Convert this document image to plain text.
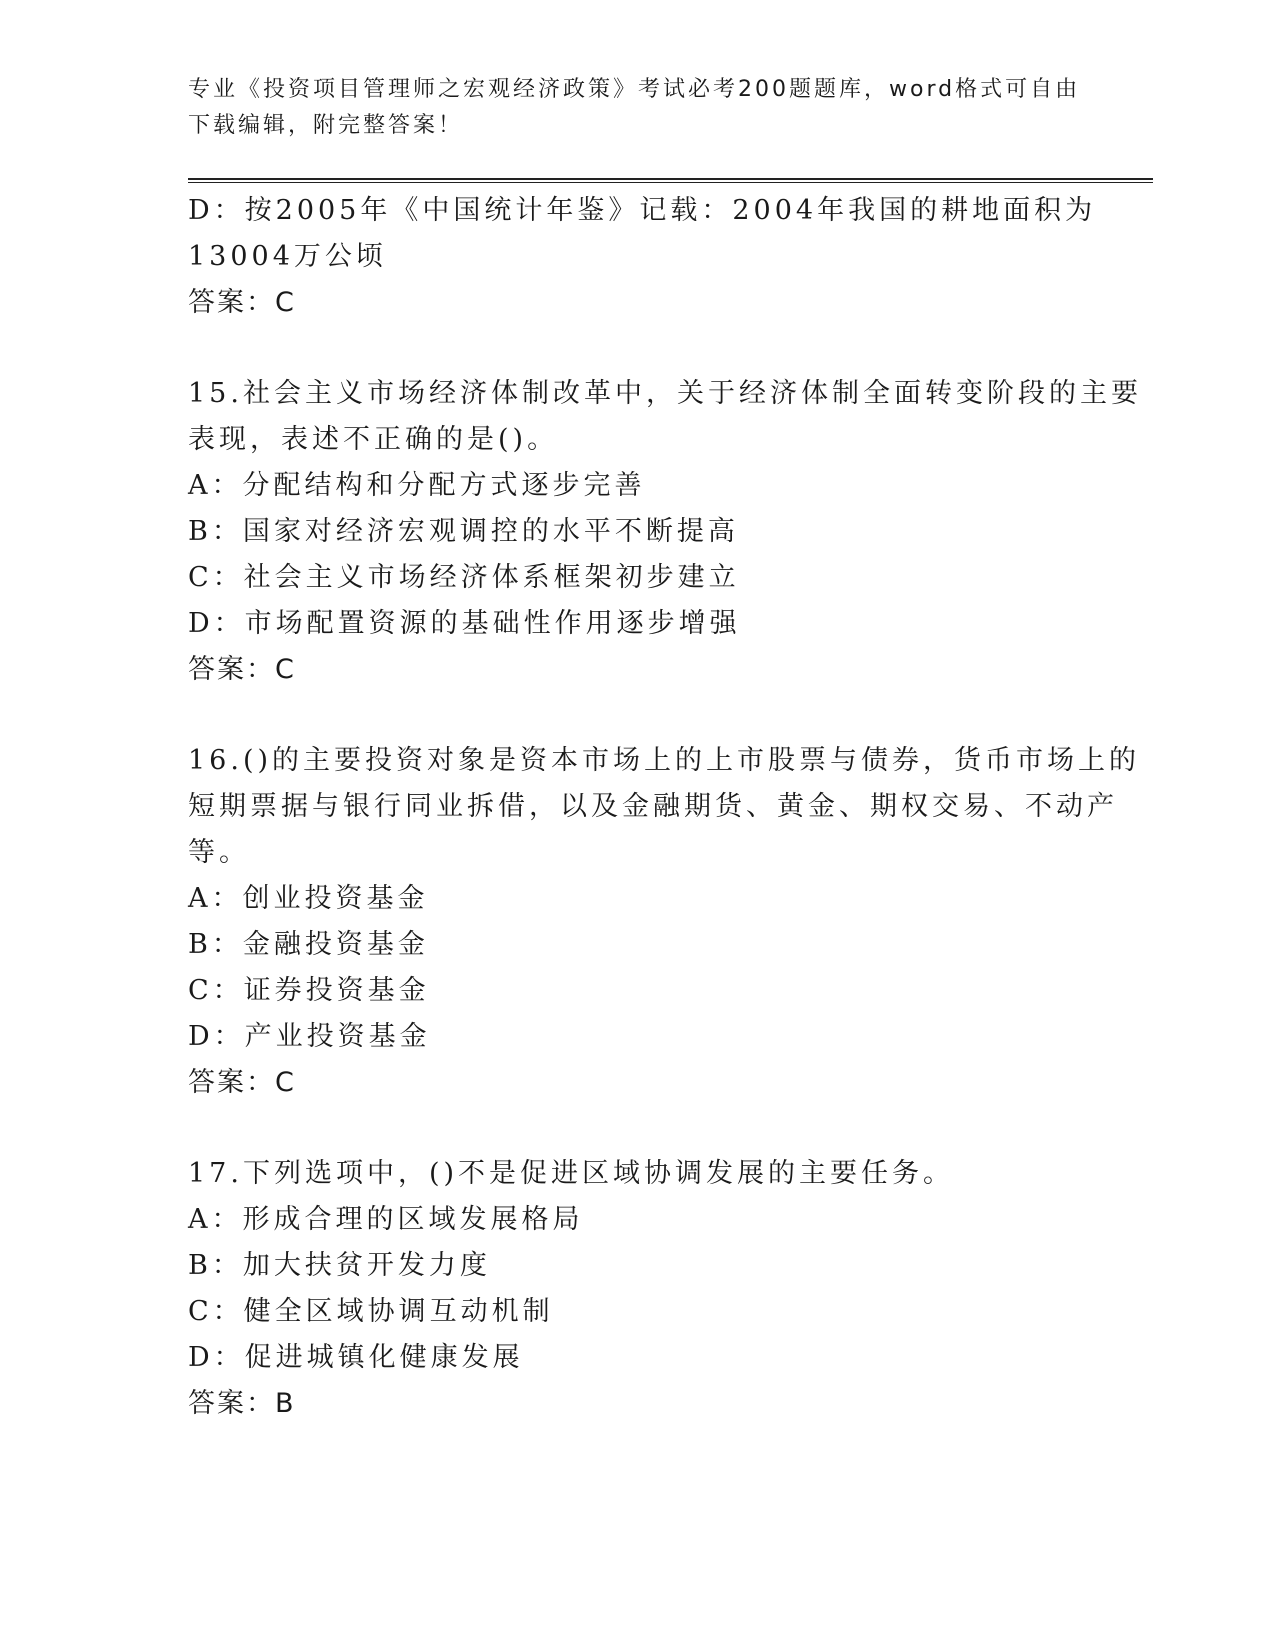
专业《投资项目管理师之宏观经济政策》考试必考200题题库，word格式可自由
下载编辑，附完整答案！
D：按2005年《中国统计年鉴》记载：2004年我国的耕地面积为
13004万公顷
答案：C
15.社会主义市场经济体制改革中，关于经济体制全面转变阶段的主要
表现，表述不正确的是()。
A：分配结构和分配方式逐步完善
B：国家对经济宏观调控的水平不断提高
C：社会主义市场经济体系框架初步建立
D：市场配置资源的基础性作用逐步增强
答案：C
16.()的主要投资对象是资本市场上的上市股票与债券，货币市场上的
短期票据与银行同业拆借，以及金融期货、黄金、期权交易、不动产
等。
A：创业投资基金
B：金融投资基金
C：证券投资基金
D：产业投资基金
答案：C
17.下列选项中，()不是促进区域协调发展的主要任务。
A：形成合理的区域发展格局
B：加大扶贫开发力度
C：健全区域协调互动机制
D：促进城镇化健康发展
答案：B
